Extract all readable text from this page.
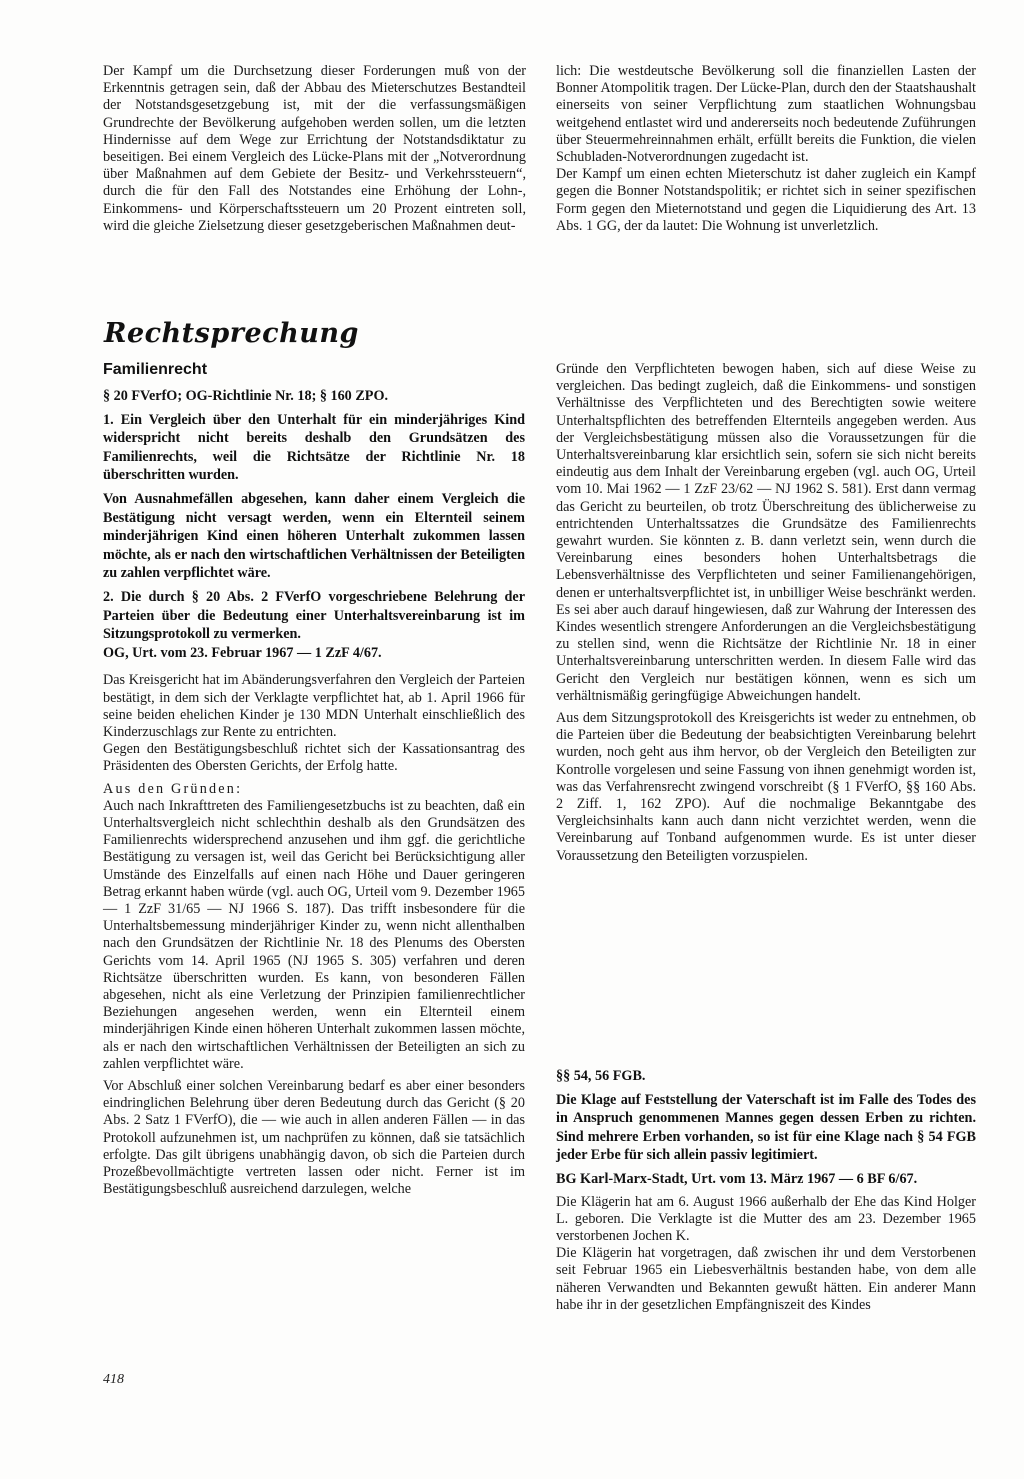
Der Kampf um die Durchsetzung dieser Forderungen muß von der Erkenntnis getragen sein, daß der Abbau des Mieterschutzes Bestandteil der Notstandsgesetzgebung ist, mit der die verfassungsmäßigen Grundrechte der Bevölkerung aufgehoben werden sollen, um die letzten Hindernisse auf dem Wege zur Errichtung der Notstandsdiktatur zu beseitigen. Bei einem Vergleich des Lücke-Plans mit der „Notverordnung über Maßnahmen auf dem Gebiete der Besitz- und Verkehrssteuern“, durch die für den Fall des Notstandes eine Erhöhung der Lohn-, Einkommens- und Körperschaftssteuern um 20 Prozent eintreten soll, wird die gleiche Zielsetzung dieser gesetzgeberischen Maßnahmen deut-

lich: Die westdeutsche Bevölkerung soll die finanziellen Lasten der Bonner Atompolitik tragen. Der Lücke-Plan, durch den der Staatshaushalt einerseits von seiner Verpflichtung zum staatlichen Wohnungsbau weitgehend entlastet wird und andererseits noch bedeutende Zuführungen über Steuermehreinnahmen erhält, erfüllt bereits die Funktion, die vielen Schubladen-Notverordnungen zugedacht ist.

Der Kampf um einen echten Mieterschutz ist daher zugleich ein Kampf gegen die Bonner Notstandspolitik; er richtet sich in seiner spezifischen Form gegen den Mieternotstand und gegen die Liquidierung des Art. 13 Abs. 1 GG, der da lautet: Die Wohnung ist unverletzlich.

Rechtsprechung
Familienrecht

§ 20 FVerfO; OG-Richtlinie Nr. 18; § 160 ZPO.

1. Ein Vergleich über den Unterhalt für ein minderjähriges Kind widerspricht nicht bereits deshalb den Grundsätzen des Familienrechts, weil die Richtsätze der Richtlinie Nr. 18 überschritten wurden.

Von Ausnahmefällen abgesehen, kann daher einem Vergleich die Bestätigung nicht versagt werden, wenn ein Elternteil seinem minderjährigen Kind einen höheren Unterhalt zukommen lassen möchte, als er nach den wirtschaftlichen Verhältnissen der Beteiligten zu zahlen verpflichtet wäre.

2. Die durch § 20 Abs. 2 FVerfO vorgeschriebene Belehrung der Parteien über die Bedeutung einer Unterhaltsvereinbarung ist im Sitzungsprotokoll zu vermerken.

OG, Urt. vom 23. Februar 1967 — 1 ZzF 4/67.

Das Kreisgericht hat im Abänderungsverfahren den Vergleich der Parteien bestätigt, in dem sich der Verklagte verpflichtet hat, ab 1. April 1966 für seine beiden ehelichen Kinder je 130 MDN Unterhalt einschließlich des Kinderzuschlags zur Rente zu entrichten.

Gegen den Bestätigungsbeschluß richtet sich der Kassationsantrag des Präsidenten des Obersten Gerichts, der Erfolg hatte.

Aus den Gründen:

Auch nach Inkrafttreten des Familiengesetzbuchs ist zu beachten, daß ein Unterhaltsvergleich nicht schlechthin deshalb als den Grundsätzen des Familienrechts widersprechend anzusehen und ihm ggf. die gerichtliche Bestätigung zu versagen ist, weil das Gericht bei Berücksichtigung aller Umstände des Einzelfalls auf einen nach Höhe und Dauer geringeren Betrag erkannt haben würde (vgl. auch OG, Urteil vom 9. Dezember 1965 — 1 ZzF 31/65 — NJ 1966 S. 187). Das trifft insbesondere für die Unterhaltsbemessung minderjähriger Kinder zu, wenn nicht allenthalben nach den Grundsätzen der Richtlinie Nr. 18 des Plenums des Obersten Gerichts vom 14. April 1965 (NJ 1965 S. 305) verfahren und deren Richtsätze überschritten wurden. Es kann, von besonderen Fällen abgesehen, nicht als eine Verletzung der Prinzipien familienrechtlicher Beziehungen angesehen werden, wenn ein Elternteil einem minderjährigen Kinde einen höheren Unterhalt zukommen lassen möchte, als er nach den wirtschaftlichen Verhältnissen der Beteiligten an sich zu zahlen verpflichtet wäre.

Vor Abschluß einer solchen Vereinbarung bedarf es aber einer besonders eindringlichen Belehrung über deren Bedeutung durch das Gericht (§ 20 Abs. 2 Satz 1 FVerfO), die — wie auch in allen anderen Fällen — in das Protokoll aufzunehmen ist, um nachprüfen zu können, daß sie tatsächlich erfolgte. Das gilt übrigens unabhängig davon, ob sich die Parteien durch Prozeßbevollmächtigte vertreten lassen oder nicht. Ferner ist im Bestätigungsbeschluß ausreichend darzulegen, welche

Gründe den Verpflichteten bewogen haben, sich auf diese Weise zu vergleichen. Das bedingt zugleich, daß die Einkommens- und sonstigen Verhältnisse des Verpflichteten und des Berechtigten sowie weitere Unterhaltspflichten des betreffenden Elternteils angegeben werden. Aus der Vergleichsbestätigung müssen also die Voraussetzungen für die Unterhaltsvereinbarung klar ersichtlich sein, sofern sie sich nicht bereits eindeutig aus dem Inhalt der Vereinbarung ergeben (vgl. auch OG, Urteil vom 10. Mai 1962 — 1 ZzF 23/62 — NJ 1962 S. 581). Erst dann vermag das Gericht zu beurteilen, ob trotz Überschreitung des üblicherweise zu entrichtenden Unterhaltssatzes die Grundsätze des Familienrechts gewahrt wurden. Sie könnten z. B. dann verletzt sein, wenn durch die Vereinbarung eines besonders hohen Unterhaltsbetrags die Lebensverhältnisse des Verpflichteten und seiner Familienangehörigen, denen er unterhaltsverpflichtet ist, in unbilliger Weise beschränkt werden. Es sei aber auch darauf hingewiesen, daß zur Wahrung der Interessen des Kindes wesentlich strengere Anforderungen an die Vergleichsbestätigung zu stellen sind, wenn die Richtsätze der Richtlinie Nr. 18 in einer Unterhaltsvereinbarung unterschritten werden. In diesem Falle wird das Gericht den Vergleich nur bestätigen können, wenn es sich um verhältnismäßig geringfügige Abweichungen handelt.

Aus dem Sitzungsprotokoll des Kreisgerichts ist weder zu entnehmen, ob die Parteien über die Bedeutung der beabsichtigten Vereinbarung belehrt wurden, noch geht aus ihm hervor, ob der Vergleich den Beteiligten zur Kontrolle vorgelesen und seine Fassung von ihnen genehmigt worden ist, was das Verfahrensrecht zwingend vorschreibt (§ 1 FVerfO, §§ 160 Abs. 2 Ziff. 1, 162 ZPO). Auf die nochmalige Bekanntgabe des Vergleichsinhalts kann auch dann nicht verzichtet werden, wenn die Vereinbarung auf Tonband aufgenommen wurde. Es ist unter dieser Voraussetzung den Beteiligten vorzuspielen.

§§ 54, 56 FGB.

Die Klage auf Feststellung der Vaterschaft ist im Falle des Todes des in Anspruch genommenen Mannes gegen dessen Erben zu richten. Sind mehrere Erben vorhanden, so ist für eine Klage nach § 54 FGB jeder Erbe für sich allein passiv legitimiert.

BG Karl-Marx-Stadt, Urt. vom 13. März 1967 — 6 BF 6/67.

Die Klägerin hat am 6. August 1966 außerhalb der Ehe das Kind Holger L. geboren. Die Verklagte ist die Mutter des am 23. Dezember 1965 verstorbenen Jochen K.

Die Klägerin hat vorgetragen, daß zwischen ihr und dem Verstorbenen seit Februar 1965 ein Liebesverhältnis bestanden habe, von dem alle näheren Verwandten und Bekannten gewußt hätten. Ein anderer Mann habe ihr in der gesetzlichen Empfängniszeit des Kindes

418
